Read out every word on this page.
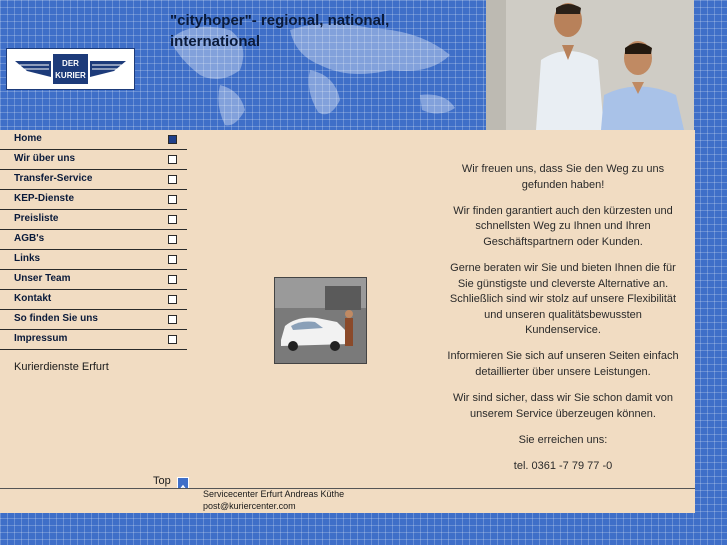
DER
KURIER
"cityhoper"- regional, national, international
Home
Wir über uns
Transfer-Service
KEP-Dienste
Preisliste
AGB's
Links
Unser Team
Kontakt
So finden Sie uns
Impressum
Kurierdienste Erfurt

Wir freuen uns, dass Sie den Weg zu uns gefunden haben!

Wir finden garantiert auch den kürzesten und schnellsten Weg zu Ihnen und Ihren Geschäftspartnern oder Kunden.

Gerne beraten wir Sie und bieten Ihnen die für Sie günstigste und cleverste Alternative an. Schließlich sind wir stolz auf unsere Flexibilität und unseren qualitätsbewussten Kundenservice.

Informieren Sie sich auf unseren Seiten einfach detaillierter über unsere Leistungen.

Wir sind sicher, dass wir Sie schon damit von unserem Service überzeugen können.

Sie erreichen uns:

tel. 0361 -7 79 77 -0

Top
Servicecenter Erfurt Andreas Küthe
post@kuriercenter.com
